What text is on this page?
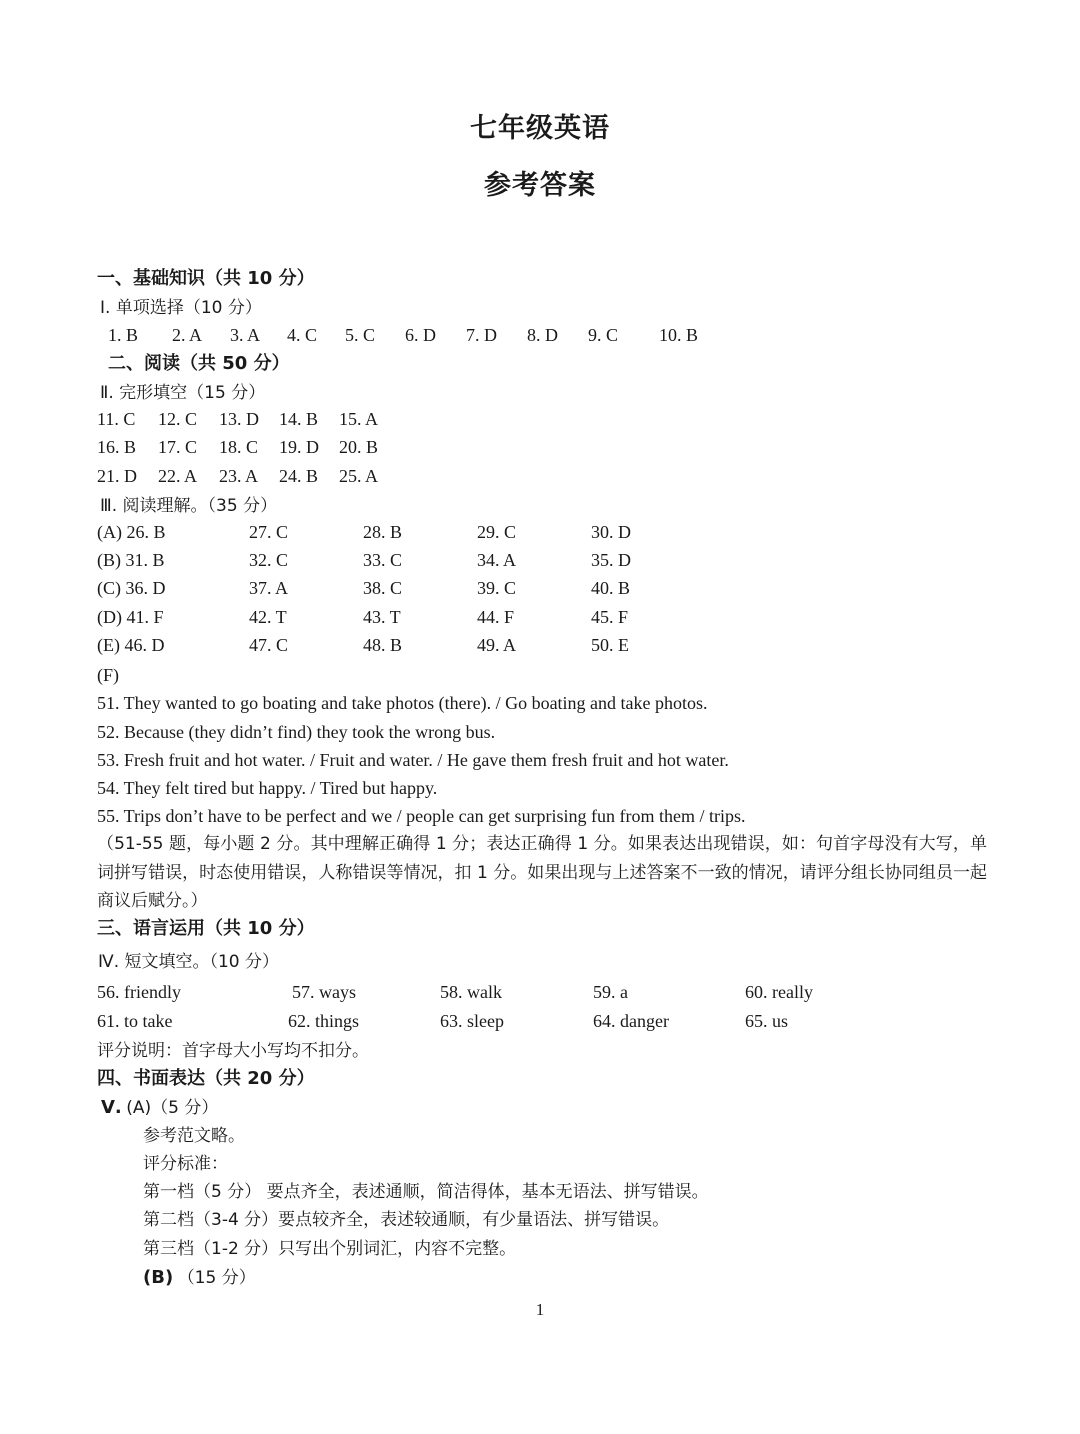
七年级英语
参考答案
一、基础知识（共 10 分）
Ⅰ. 单项选择（10 分）
1. B 2. A 3. A 4. C 5. C 6. D 7. D 8. D 9. C 10. B
二、阅读（共 50 分）
Ⅱ. 完形填空（15 分）
11. C 12. C 13. D 14. B 15. A
16. B 17. C 18. C 19. D 20. B
21. D 22. A 23. A 24. B 25. A
Ⅲ. 阅读理解。（35 分）
(A) 26. B	27. C	28. B	29. C	30. D
(B) 31. B	32. C	33. C	34. A	35. D
(C) 36. D	37. A	38. C	39. C	40. B
(D) 41. F	42. T	43. T	44. F	45. F
(E) 46. D	47. C	48. B	49. A	50. E
(F)
51. They wanted to go boating and take photos (there). / Go boating and take photos.
52. Because (they didn’t find) they took the wrong bus.
53. Fresh fruit and hot water. / Fruit and water. / He gave them fresh fruit and hot water.
54. They felt tired but happy. / Tired but happy.
55. Trips don’t have to be perfect and we / people can get surprising fun from them / trips.
（51-55 题，每小题 2 分。其中理解正确得 1 分；表达正确得 1 分。如果表达出现错误，如：句首字母没有大写，单词拼写错误，时态使用错误，人称错误等情况，扣 1 分。如果出现与上述答案不一致的情况，请评分组长协同组员一起商议后赋分。）
三、语言运用（共 10 分）
Ⅳ. 短文填空。（10 分）
56. friendly	57. ways	58. walk	59. a	60. really
61. to take	62. things	63. sleep	64. danger	65. us
评分说明：首字母大小写均不扣分。
四、书面表达（共 20 分）
Ⅴ. (A)（5 分）
参考范文略。
评分标准：
第一档（5 分） 要点齐全，表述通顺，简洁得体，基本无语法、拼写错误。
第二档（3-4 分）要点较齐全，表述较通顺，有少量语法、拼写错误。
第三档（1-2 分）只写出个别词汇，内容不完整。
(B) （15 分）
1
